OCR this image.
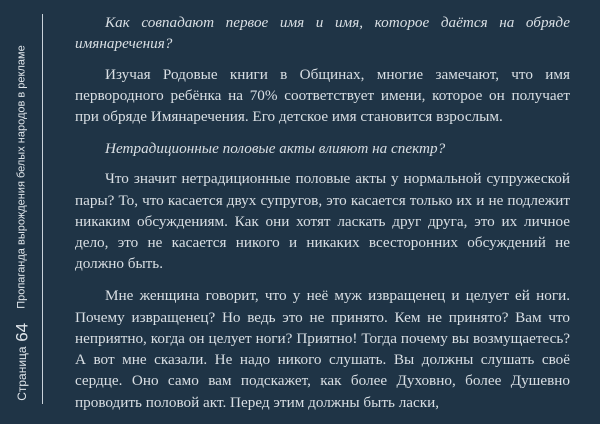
Страница
64
Пропаганда вырождения белых народов в рекламе

Как совпадают первое имя и имя, которое даётся на обряде имянаречения?

Изучая Родовые книги в Общинах, многие замечают, что имя первородного ребёнка на 70% соответствует имени, которое он получает при обряде Имянаречения. Его детское имя становится взрослым.

Нетрадиционные половые акты влияют на спектр?

Что значит нетрадиционные половые акты у нормальной супружеской пары? То, что касается двух супругов, это касается только их и не подлежит никаким обсуждениям. Как они хотят ласкать друг друга, это их личное дело, это не касается никого и никаких всесторонних обсуждений не должно быть.

Мне женщина говорит, что у неё муж извращенец и целует ей ноги. Почему извращенец? Но ведь это не принято. Кем не принято? Вам что неприятно, когда он целует ноги? Приятно! Тогда почему вы возмущаетесь? А вот мне сказали. Не надо никого слушать. Вы должны слушать своё сердце. Оно само вам подскажет, как более Духовно, более Душевно проводить половой акт. Перед этим должны быть ласки,
